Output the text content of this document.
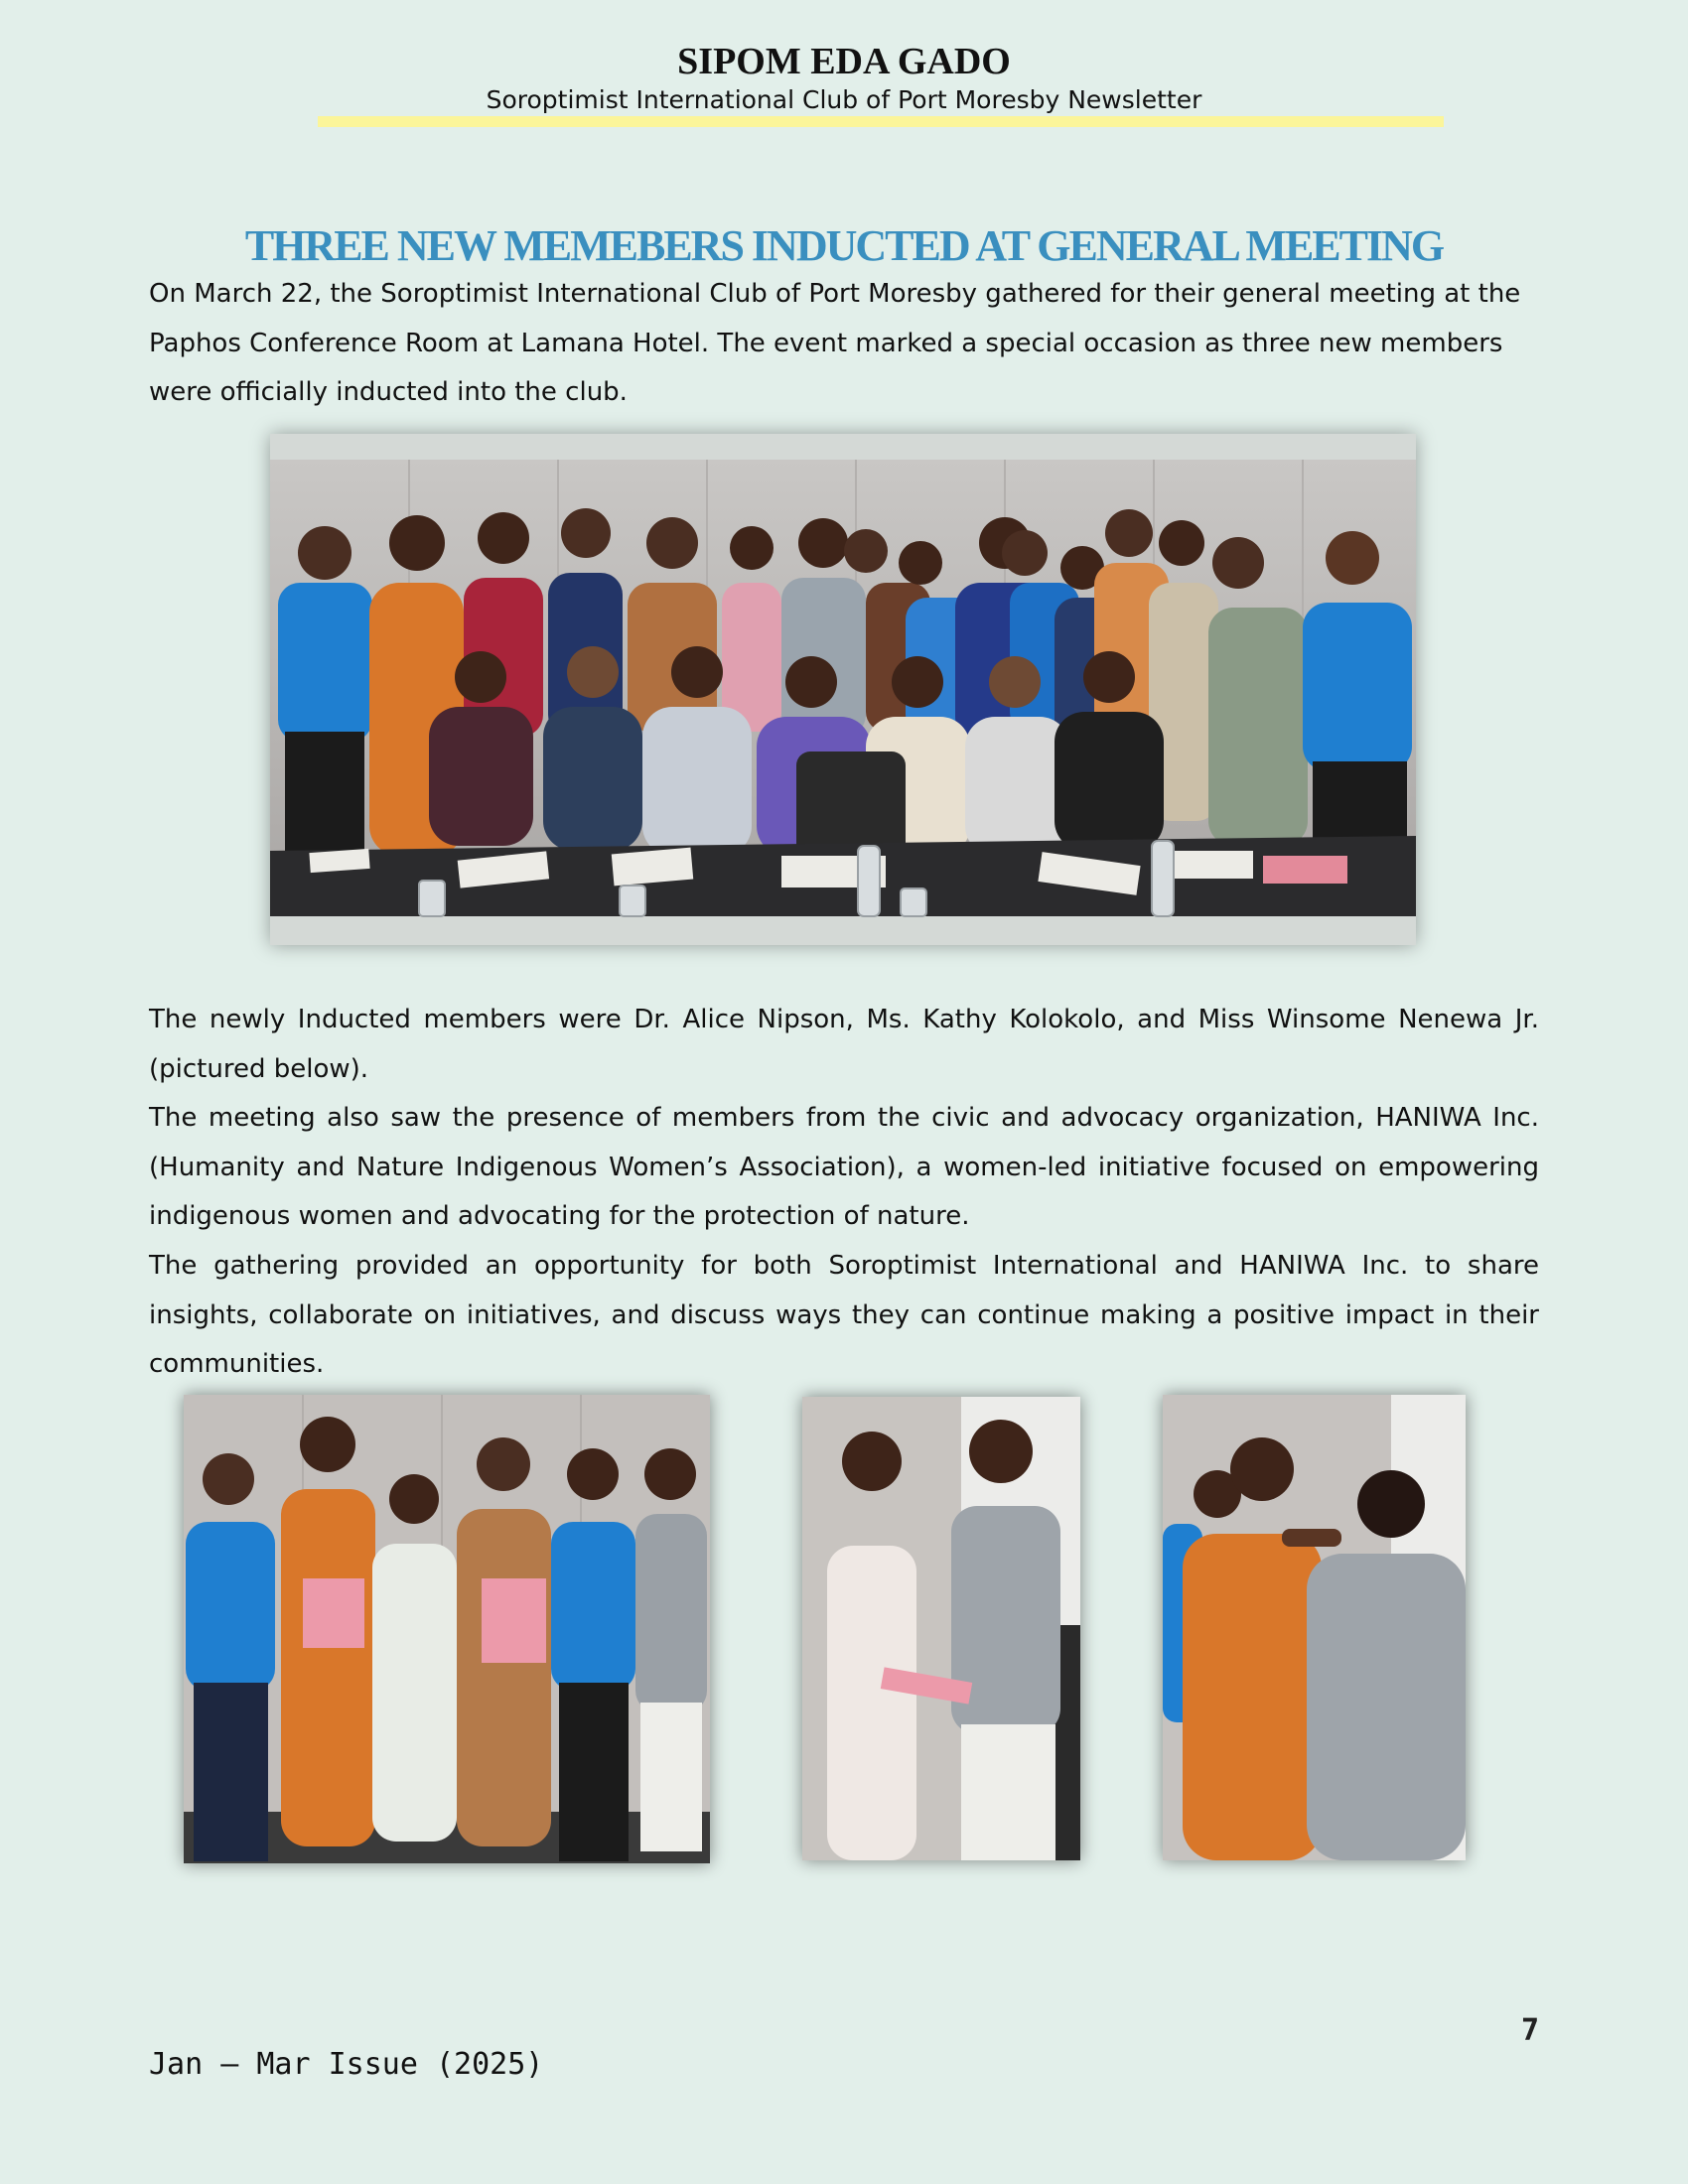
SIPOM EDA GADO
Soroptimist International Club of Port Moresby Newsletter
THREE NEW MEMEBERS INDUCTED AT GENERAL MEETING

On March 22, the Soroptimist International Club of Port Moresby gathered for their general meeting at the Paphos Conference Room at Lamana Hotel. The event marked a special occasion as three new members were officially inducted into the club.

The newly Inducted members were Dr. Alice Nipson, Ms. Kathy Kolokolo, and Miss Winsome Nenewa Jr. (pictured below).

The meeting also saw the presence of members from the civic and advocacy organization, HANIWA Inc. (Humanity and Nature Indigenous Women’s Association), a women-led initiative focused on empowering indigenous women and advocating for the protection of nature.

The gathering provided an opportunity for both Soroptimist International and HANIWA Inc. to share insights, collaborate on initiatives, and discuss ways they can continue making a positive impact in their communities.

7
Jan – Mar Issue (2025)
